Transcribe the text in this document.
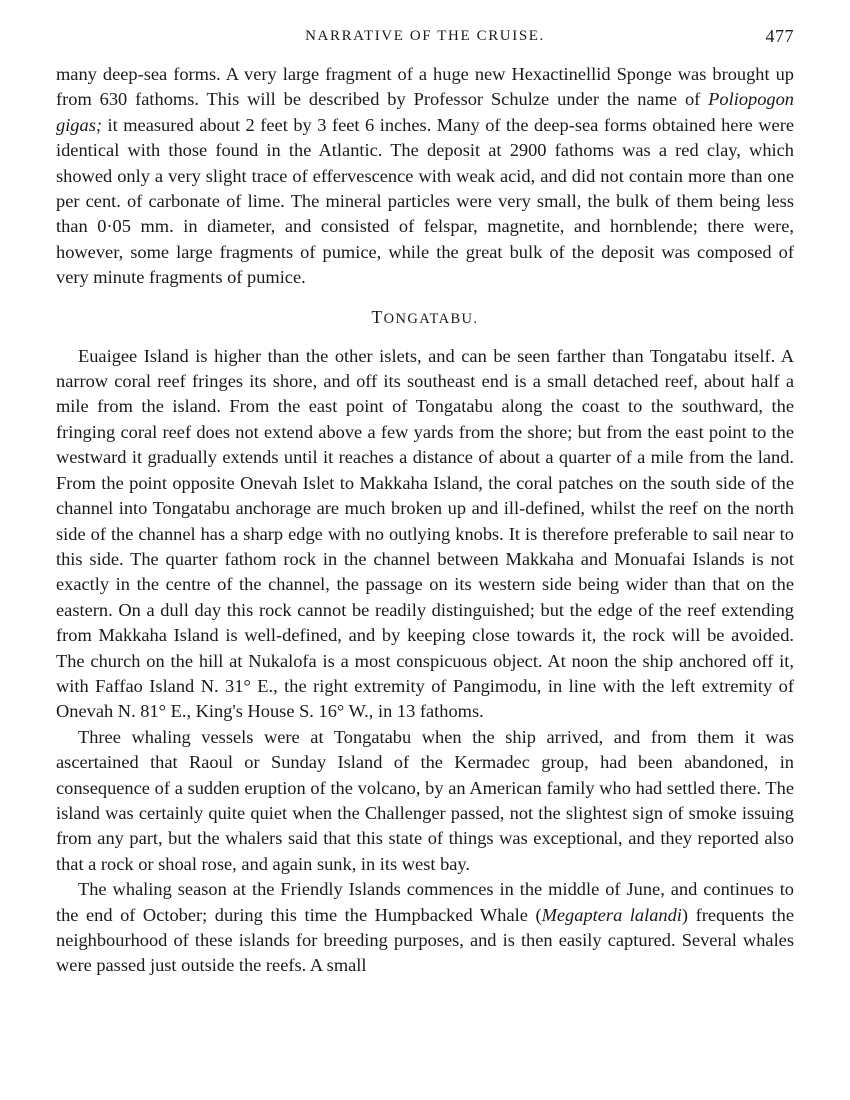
NARRATIVE OF THE CRUISE.	477

many deep-sea forms. A very large fragment of a huge new Hexactinellid Sponge was brought up from 630 fathoms. This will be described by Professor Schulze under the name of Poliopogon gigas; it measured about 2 feet by 3 feet 6 inches. Many of the deep-sea forms obtained here were identical with those found in the Atlantic. The deposit at 2900 fathoms was a red clay, which showed only a very slight trace of effervescence with weak acid, and did not contain more than one per cent. of carbonate of lime. The mineral particles were very small, the bulk of them being less than 0·05 mm. in diameter, and consisted of felspar, magnetite, and hornblende; there were, however, some large fragments of pumice, while the great bulk of the deposit was composed of very minute fragments of pumice.

TONGATABU.

Euaigee Island is higher than the other islets, and can be seen farther than Tongatabu itself. A narrow coral reef fringes its shore, and off its southeast end is a small detached reef, about half a mile from the island. From the east point of Tongatabu along the coast to the southward, the fringing coral reef does not extend above a few yards from the shore; but from the east point to the westward it gradually extends until it reaches a distance of about a quarter of a mile from the land. From the point opposite Onevah Islet to Makkaha Island, the coral patches on the south side of the channel into Tongatabu anchorage are much broken up and ill-defined, whilst the reef on the north side of the channel has a sharp edge with no outlying knobs. It is therefore preferable to sail near to this side. The quarter fathom rock in the channel between Makkaha and Monuafai Islands is not exactly in the centre of the channel, the passage on its western side being wider than that on the eastern. On a dull day this rock cannot be readily distinguished; but the edge of the reef extending from Makkaha Island is well-defined, and by keeping close towards it, the rock will be avoided. The church on the hill at Nukalofa is a most conspicuous object. At noon the ship anchored off it, with Faffao Island N. 31° E., the right extremity of Pangimodu, in line with the left extremity of Onevah N. 81° E., King's House S. 16° W., in 13 fathoms.

Three whaling vessels were at Tongatabu when the ship arrived, and from them it was ascertained that Raoul or Sunday Island of the Kermadec group, had been abandoned, in consequence of a sudden eruption of the volcano, by an American family who had settled there. The island was certainly quite quiet when the Challenger passed, not the slightest sign of smoke issuing from any part, but the whalers said that this state of things was exceptional, and they reported also that a rock or shoal rose, and again sunk, in its west bay.

The whaling season at the Friendly Islands commences in the middle of June, and continues to the end of October; during this time the Humpbacked Whale (Megaptera lalandi) frequents the neighbourhood of these islands for breeding purposes, and is then easily captured. Several whales were passed just outside the reefs. A small
